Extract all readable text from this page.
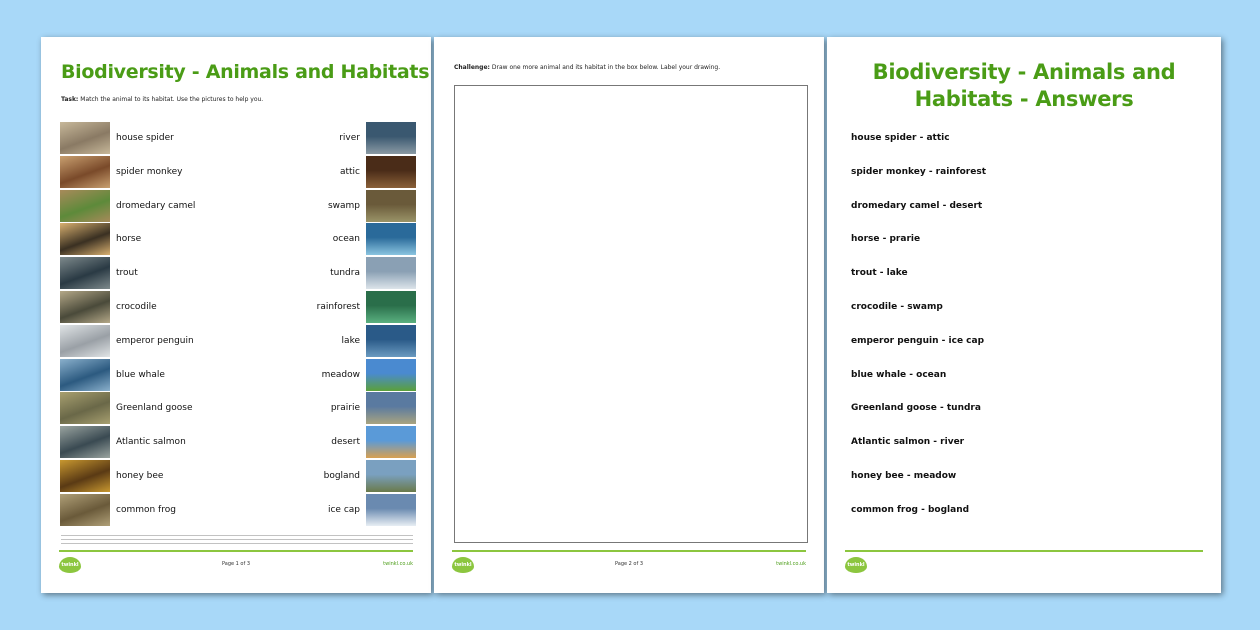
Biodiversity - Animals and Habitats
Task: Match the animal to its habitat. Use the pictures to help you.
house spider	river
spider monkey	attic
dromedary camel	swamp
horse	ocean
trout	tundra
crocodile	rainforest
emperor penguin	lake
blue whale	meadow
Greenland goose	prairie
Atlantic salmon	desert
honey bee	bogland
common frog	ice cap
twinkl	Page 1 of 3	twinkl.co.uk
Challenge: Draw one more animal and its habitat in the box below. Label your drawing.
twinkl	Page 2 of 3	twinkl.co.uk
Biodiversity - Animals and Habitats - Answers
house spider - attic
spider monkey - rainforest
dromedary camel - desert
horse - prarie
trout - lake
crocodile - swamp
emperor penguin - ice cap
blue whale - ocean
Greenland goose - tundra
Atlantic salmon - river
honey bee - meadow
common frog - bogland
twinkl
